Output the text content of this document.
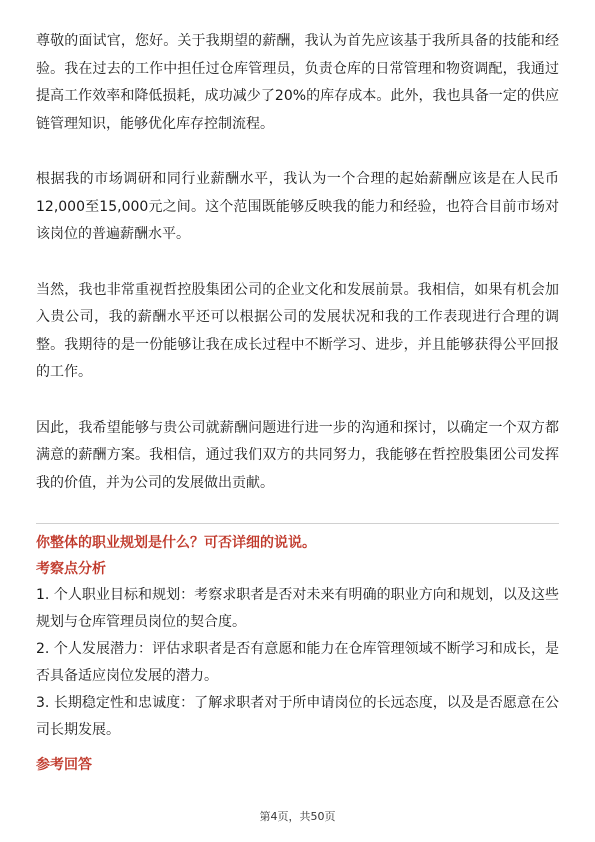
尊敬的面试官，您好。关于我期望的薪酬，我认为首先应该基于我所具备的技能和经验。我在过去的工作中担任过仓库管理员，负责仓库的日常管理和物资调配，我通过提高工作效率和降低损耗，成功减少了20%的库存成本。此外，我也具备一定的供应链管理知识，能够优化库存控制流程。

根据我的市场调研和同行业薪酬水平，我认为一个合理的起始薪酬应该是在人民币12,000至15,000元之间。这个范围既能够反映我的能力和经验，也符合目前市场对该岗位的普遍薪酬水平。

当然，我也非常重视哲控股集团公司的企业文化和发展前景。我相信，如果有机会加入贵公司，我的薪酬水平还可以根据公司的发展状况和我的工作表现进行合理的调整。我期待的是一份能够让我在成长过程中不断学习、进步，并且能够获得公平回报的工作。

因此，我希望能够与贵公司就薪酬问题进行进一步的沟通和探讨，以确定一个双方都满意的薪酬方案。我相信，通过我们双方的共同努力，我能够在哲控股集团公司发挥我的价值，并为公司的发展做出贡献。

你整体的职业规划是什么？可否详细的说说。

考察点分析

1. 个人职业目标和规划：考察求职者是否对未来有明确的职业方向和规划，以及这些规划与仓库管理员岗位的契合度。

2. 个人发展潜力：评估求职者是否有意愿和能力在仓库管理领域不断学习和成长，是否具备适应岗位发展的潜力。

3. 长期稳定性和忠诚度：了解求职者对于所申请岗位的长远态度，以及是否愿意在公司长期发展。

参考回答

第4页，共50页
